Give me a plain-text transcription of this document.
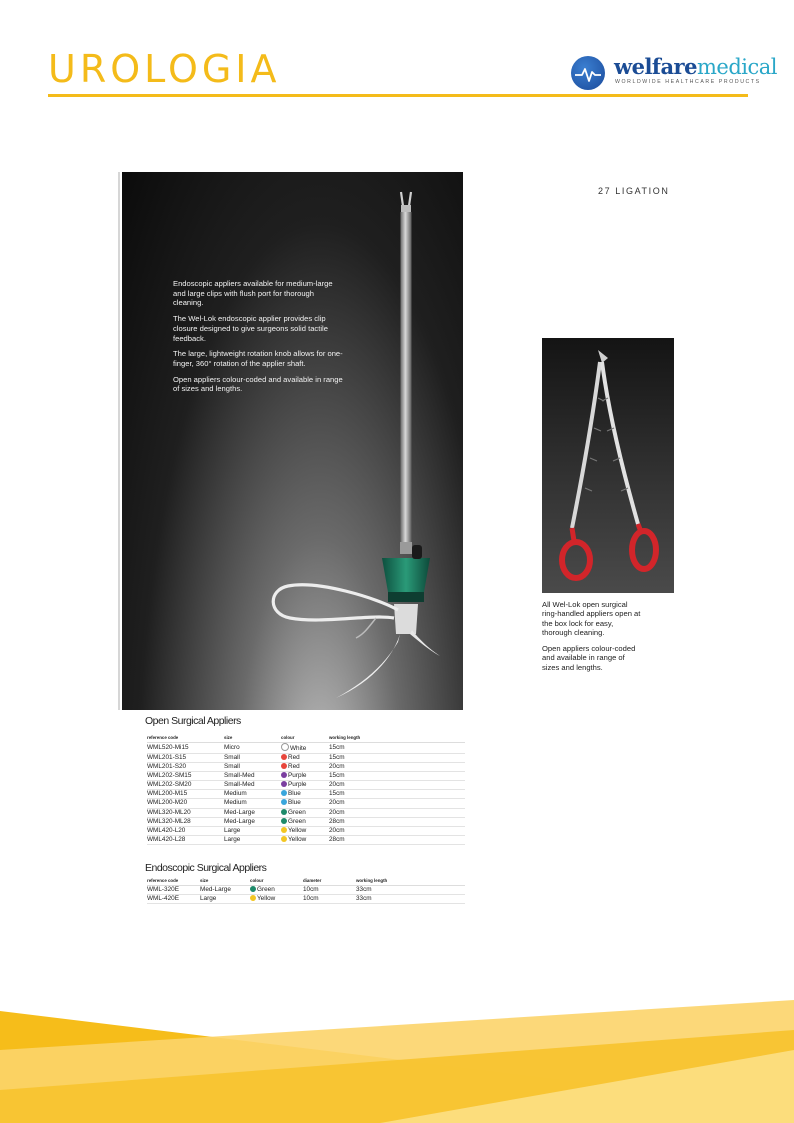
UROLOGIA	welfaremedical
WORLDWIDE HEALTHCARE PRODUCTS
27 LIGATION

Endoscopic appliers available for medium-large and large clips with flush port for thorough cleaning.

The Wel-Lok endoscopic applier provides clip closure designed to give surgeons solid tactile feedback.

The large, lightweight rotation knob allows for one-finger, 360° rotation of the applier shaft.

Open appliers colour-coded and available in range of sizes and lengths.

All Wel-Lok open surgical ring-handled appliers open at the box lock for easy, thorough cleaning.

Open appliers colour-coded and available in range of sizes and lengths.

Open Surgical Appliers
reference code	size	colour	working length
WML520-Mi15	Micro	White	15cm
WML201-S15	Small	Red	15cm
WML201-S20	Small	Red	20cm
WML202-SM15	Small-Med	Purple	15cm
WML202-SM20	Small-Med	Purple	20cm
WML200-M15	Medium	Blue	15cm
WML200-M20	Medium	Blue	20cm
WML320-ML20	Med-Large	Green	20cm
WML320-ML28	Med-Large	Green	28cm
WML420-L20	Large	Yellow	20cm
WML420-L28	Large	Yellow	28cm
Endoscopic Surgical Appliers
reference code	size	colour	diameter	working length
WML-320E	Med-Large	Green	10cm	33cm
WML-420E	Large	Yellow	10cm	33cm
